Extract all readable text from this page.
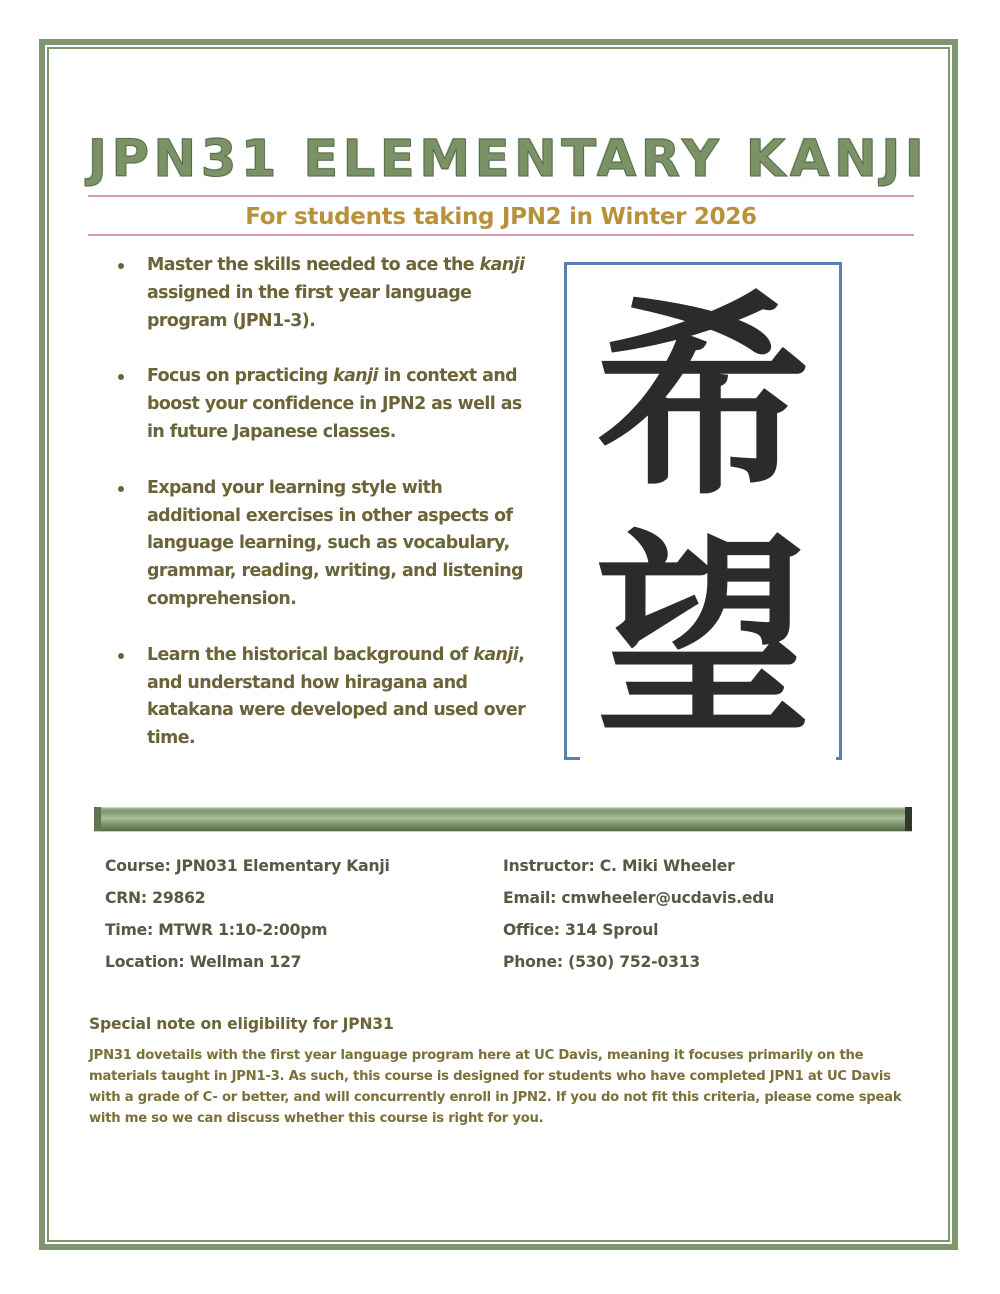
JPN31 ELEMENTARY KANJI

For students taking JPN2 in Winter 2026

Master the skills needed to ace the kanji assigned in the first year language program (JPN1-3).
Focus on practicing kanji in context and boost your confidence in JPN2 as well as in future Japanese classes.
Expand your learning style with additional exercises in other aspects of language learning, such as vocabulary, grammar, reading, writing, and listening comprehension.
Learn the historical background of kanji, and understand how hiragana and katakana were developed and used over time.

希

望

Course: JPN031 Elementary Kanji
CRN: 29862
Time: MTWR 1:10-2:00pm
Location: Wellman 127
Instructor: C. Miki Wheeler
Email: cmwheeler@ucdavis.edu
Office: 314 Sproul
Phone: (530) 752-0313
Special note on eligibility for JPN31

JPN31 dovetails with the first year language program here at UC Davis, meaning it focuses primarily on the materials taught in JPN1-3. As such, this course is designed for students who have completed JPN1 at UC Davis with a grade of C- or better, and will concurrently enroll in JPN2. If you do not fit this criteria, please come speak with me so we can discuss whether this course is right for you.
